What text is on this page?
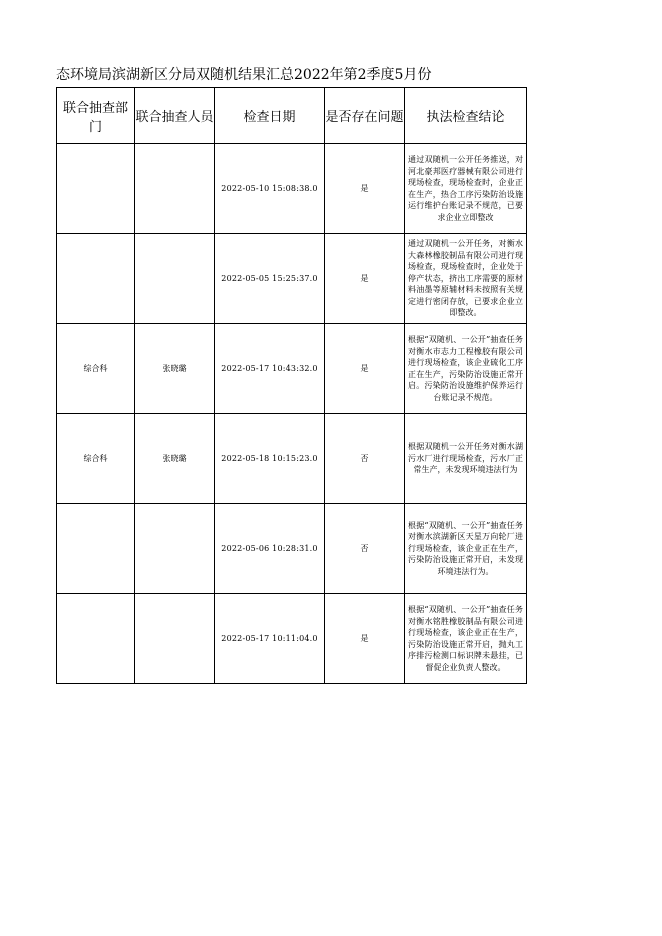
态环境局滨湖新区分局双随机结果汇总2022年第2季度5月份
联合抽查部门	联合抽查人员	检查日期	是否存在问题	执法检查结论
		2022-05-10 15:08:38.0	是	通过双随机一公开任务推送，对河北豪邦医疗器械有限公司进行现场检查，现场检查时，企业正在生产，热合工序污染防治设施运行维护台账记录不规范，已要求企业立即整改
		2022-05-05 15:25:37.0	是	通过双随机一公开任务，对衡水大森林橡胶制品有限公司进行现场检查，现场检查时，企业处于停产状态，挤出工序需要的原材料油墨等原辅材料未按照有关规定进行密闭存放，已要求企业立即整改。
综合科	张晓璐	2022-05-17 10:43:32.0	是	根据“双随机、一公开”抽查任务对衡水市志力工程橡胶有限公司进行现场检查，该企业硫化工序正在生产，污染防治设施正常开启。污染防治设施维护保养运行台账记录不规范。
综合科	张晓璐	2022-05-18 10:15:23.0	否	根据双随机一公开任务对衡水湖污水厂进行现场检查，污水厂正常生产，未发现环境违法行为
		2022-05-06 10:28:31.0	否	根据“双随机、一公开”抽查任务对衡水滨湖新区天星万向轮厂进行现场检查，该企业正在生产，污染防治设施正常开启，未发现环境违法行为。
		2022-05-17 10:11:04.0	是	根据“双随机、一公开”抽查任务对衡水铭胜橡胶制品有限公司进行现场检查，该企业正在生产，污染防治设施正常开启，抛丸工序排污检测口标识牌未悬挂，已督促企业负责人整改。
